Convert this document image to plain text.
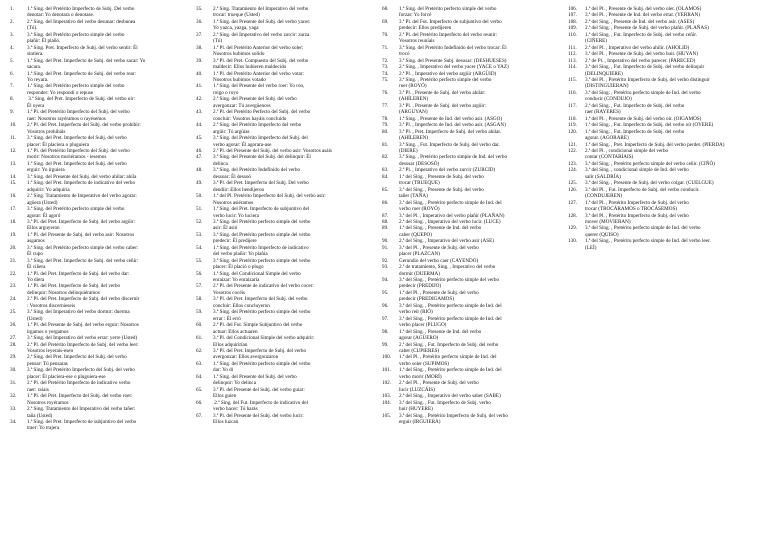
1.	1.ª Sing. del Pretérito Imperfecto de Subj. Del verbo
denotar: Yo denotara o denotase.
2.	2.ª Sing. del Imperativo del verbo desunar: desbunea
(Tú).
3.	3.ª Sing. del Pretérito perfecto simple del verbo
plañir: Él plañó.
4.	3.ª Sing. Pret. Imperfecto de Subj. del verbo sentir: Él
sintiera.
5.	1.ª Sing. del Pret. Imperfecto de Subj. del verbo sacar: Yo
sacara.
6.	1.ª Sing. del Pret. Imperfecto de Subj. del verbo rear:
Yo reyara.
7.	1.ª Sing. del Pretérito perfecto simple del verbo
responder: Yo respondí o repuse
8.	3.ª Sing. del Pret. Imperfecto de Subj. del verbo oír:
Él oyera
9.	1.ª Pl. del Pretérito Imperfecto del Subj. del verbo
raer: Nosotros rayéramos o rayésemos
10.	2.ª Pl. del Pret. Imperfecto del Subj. del verbo prohibir:
Vosotros prohibáis
11.	3.ª Sing. del Pret. Imperfecto del Subj. del verbo
placer: Él placiera o pluguiera
12.	1.ª Pl. del Pretérito Imperfecto del Subj. del verbo
morir: Nosotros muriéramos - iesemos
13.	1.ª Sing. del Pret. Imperfecto del Subj. del verbo
erguir: Yo irguiera
14.	3.ª Sing. del Presente del Subj. del verbo ahilar: ahíla
15.	1.ª Sing. del Pret. Imperfecto de indicativo del verbo
adquirir: Yo adquiría
16.	2.ª Sing. Tratamiento de Imperativo del verbo agorar:
agüera (Usted)
17.	3.ª Sing. del Pretérito perfecto simple del verbo
agorar: Él agoró
18.	3.ª Pl. del Pret. Imperfecto de Subj. del verbo argüir:
Ellos arguyeron
19.	1.ª Pl. del Presente de Subj. del verbo asir: Nosotros
asgamos
20.	3.ª Sing. del Pretérito perfecto simple del verbo caber:
Él cupo
21.	3.ª Sing. del Pret. Imperfecto de Subj. del verbo ceñir:
Él ciñera
22.	1.ª Pl. del Pret. Imperfecto de Subj. del verbo dar:
Yo diera
23.	1.ª Pl. del Pret. Imperfecto de Subj. del verbo
delinquir: Nosotros delinquiéramos
24.	2.ª Pl. del Pret. Imperfecto de Subj. del verbo discernir
: Vosotros discernieseis
25.	3.ª Sing. del Imperativo del verbo dormir: duerma
(Usted)
26.	1.ª Pl. del Presente de Subj. del verbo erguir: Nosotros
irgamos o yergamos
27.	3.ª Sing. del Imperativo del verbo errar: yerre (Usted)
28.	2.ª Pl. del Pretérito Imperfecto de Subj. del verbo leer:
Vosotros leyerais-esen
29.	2.ª Sing. del Pret. Imperfecto del Subj. del verbo
pensar: Tú pensaras
30.	3.ª Sing. del Pretérito Imperfecto del Subj. del verbo
placer: Él placiera-ese o pluguiera-ese
31.	2.ª Pl. del Pretérito Imperfecto de indicativo verbo
raer: raíais
32.	1.ª Pl. del Pret. Imperfecto del Subj. del verbo roer:
Nosotros royéramos
33.	2.ª Sing. Tratamiento del Imperativo del verbo tañer:
taña (Usted)
34.	1.ª Sing. del Pret. Imperfecto de subjuntivo del verbo
traer: Yo trajera
35.	2.ª Sing. Tratamiento del Imperativo del verbo
trocar: trueque (Usted)
36.	1.ª Sing. del Presente del Subj. del verbo yacer:
Yo yazca, yazga, yaga
37.	2.ª Sing. del Imperativo del verbo zurcir: zurza
(Tú)
38.	1.ª Pl. del Pretérito Anterior del verbo soler:
Nosotros hubimos solido
39.	3.ª Pl. del Pret. Compuesto del Subj. del verbo
maldecir: Ellos hubieren maldecido
40.	1.ª Pl. del Pretérito Anterior del verbo votar:
Nosotros hubimos votado
41.	1.ª Sing. del Presente del verbo roer: Yo roo,
roigo o royo
42.	2.ª Sing. del Presente del Subj. del verbo
avergonzar: Tú avergüences
43.	2.ª Pl. del Pretérito Perfecto del Subj. del verbo
concluir: Vosotros hayáis concluido
44.	2.ª Sing. del Pretérito Imperfecto del verbo
argüir: Tú argüías
45.	3.ª Sing. del Pretérito Imperfecto del Subj. del
verbo agorar: Él agorara-ase
46.	2.ª Pl. del Presente del Subj. del verbo asir: Vosotros asáis
47.	3.ª Sing. del Presente del Subj. del delinquir: Él
delinca
48.	3.ª Sing. del Pretérito Indefinido del verbo
dessoar: Él dessoó
49.	3.ª Pl. del Pret. Imperfecto del Subj. Del verbo
dendiir: Ellos hendijeron
50.	1.ª del Pl. Pretérito Imperfecto del Subj. del verbo asir:
Nosotros asiéramos
51.	1.ª Sing. del Pret. Imperfecto de subjuntivo del
verbo lucir: Yo luciera
52.	3.ª Sing. del Pretérito perfecto simple del verbo
asir: Él asió
53.	3.ª Sing. del Pretérito perfecto simple del verbo
predecir: Él predijere
54.	1.ª Sing. del Pretérito Imperfecto de indicativo
del verbo plañir: Yo plañía
55.	3.ª Sing. del Pretérito perfecto simple del verbo
placer: Él plació o plugo
56.	1.ª Sing. del Condicional Simple del verbo
enraizar: Yo enraizaría
57.	2.ª Pl. del Presente de indicativo del verbo cocer:
Vosotros cocéis
58.	3.ª Pl. del Pret. Imperfecto del Subj. del verbo
concluir: Ellos concluyeron
59.	3.ª Sing. del Pretérito perfecto simple del verbo
errar : Él erró
60.	2.ª Pl. del Fut. Simple Subjuntivo del verbo
actuar: Ellos actuaren
61.	3.ª Pl. del Condicional Simple del verbo adquirir:
Ellos adquirirían
62.	3.ª Pl. del Pret. Imperfecto de Subj. del verbo
avergonzar: Ellos avergonzaron
63.	1.ª Sing. del Pretérito perfecto simple del verbo
dar: Yo di
64.	1.ª Sing. del Presente del Subj. del verbo
delinquir: Yo delinca
65.	3.ª Pl. del Presente del Subj. del verbo guiar:
Ellos guíen
66.	2.ª Sing. del Fut. Imperfecto de indicativo del
verbo hacer: Tú harás
67.	3.ª Pl. del Presente del Subj. del verbo lucir:
Ellos luzcan
68.	1.ª Sing. del Pretérito perfecto simple del verbo
forzar: Yo forcé
69.	3.ª Pl. del Fut. Imperfecto de subjuntivo del verbo
predecir: Ellos predijeren
70.	2.ª Pl. del Pretérito Imperfecto del verbo reunir:
Vosotros reuníais
71.	3.ª Sing. del Pretérito Indefinido del verbo trocar: Él
trocó
72.	3.ª Sing. del Presente Subj. desosar: (DESHUESES)
73.	2.ª Sing. , Imperativo del verbo yacer (YACE o YAZ)
74.	2.ª Pl. , Imperativo del verbo argüir (ARGÜID)
75.	3.ª Sing. , Pretérito perfecto simple del verbo
roer (ROYÓ)
76.	3.ª Pl. , Presente de Subj. del verbo ahilar:
(AHÍLEREN)
77.	3.ª Pl. , Presente de Subj. del verbo argüir:
(ARGUYAN)
78.	1.ª Sing. , Presente de Ind. del verbo asir. (ASGO)
79.	3.ª Pl. , Imperfecto de Ind. del verbo asir. (ASGAN)
80.	3.ª Pl. , Pret. Imperfecto de Subj. del verbo ahilar.
(AHÍLEREN)
81.	3.ª Sing. , Fut. Imperfecto de Subj. del verbo dar.
(DIERE)
82.	3.ª Sing. , Pretérito perfecto simple de Ind. del verbo
desosar (DESOSÓ)
83.	2.ª Pl. , Imperativo del verbo zurcir (ZURCID)
84.	1.ª del Sing. , Presente de Subj. del verbo
trocar (TRUEQUE)
85.	3.ª del Sing. , Presente de Subj. del verbo
tañer (TAÑA)
86.	3.ª del Sing. , Pretérito perfecto simple de Ind. del
verbo roer (ROYÓ)
87.	3.ª del Pl. , Imperativo del verbo plañir (PLAÑAN)
88.	2.ª del Sing. , Imperativo del verbo lucir. (LUCE)
89.	1.ª del Sing. , Presente de Ind. del verbo
caber (QUEPO)
90.	2.ª del Sing. , Imperativo del verbo asir (ASE)
91.	3.ª del Pl. , Presente de Subj. del verbo
placer (PLAZCAN)
92.	Gerundio del verbo caer (CAYENDO)
93.	2.ª de tratamiento, Sing. , Imperativo del verbo
dormir (DUERMA)
94.	3.ª del Sing. , Pretérito perfecto simple del verbo
predecir (PREDIJO)
95.	1.ª del Pl. , Presente de Subj. del verbo
predecir (PREDIGAMOS)
96.	3.ª del Sing. , Pretérito perfecto simple de Ind. del
verbo reír (RIÓ)
97.	3.ª del Sing. , Pretérito perfecto simple de Ind. del
verbo placer (PLUGO)
98.	1.ª del Sing. , Presente de Ind. del verbo
agorar (AGÜERO)
99.	2.ª del Sing. , Fut. Imperfecto de Subj. del verbo
caber (CUPIERES)
100.	1.ª del Pl. , Pretérito perfecto simple de Ind. del
verbo soler (SUPIMOS)
101.	1.ª del Sing. , Pretérito perfecto simple de Ind. del
verbo morir (MORÍ)
102.	2.ª del Pl. , Presente de Subj. del verbo
lucir (LUZCÁIS)
103.	2.ª del Sing. , Imperativo del verbo saber (SABE)
104.	3.ª del Sing. , Fut. Imperfecto de Subj. verbo
huir (HUYERE)
105.	3.ª del Sing. , Pretérito Imperfecto de Subj. del verbo
erguir (IRGUIERA)
106.	1.ª del Pl. , Presente de Subj. del verbo oler. (OLAMOS)
107.	3.ª del Pl. , Presente de Ind. del verbo errar. (YERRAN)
108.	2.ª del Sing. , Presente de Ind. del verbo asir. (ASES)
109.	2.ª del Sing. , Presente de Subj. del verbo plañir. (PLAÑAS)
110.	1.ª del Sing. , Fut. Imperfecto de Subj. del verbo ceñir.
(CIÑERE)
111.	2.ª del Pl. , Imperativo del verbo ahilir. (AHOLID)
112.	3.ª del Pl. , Presente de Subj. del verbo huir. (HUYAN)
113.	2.ª de Pl. , Imperativo del verbo parecer. (PARECED)
114.	3.ª del Sing. , Fut. Imperfecto de Subj. del verbo delinquir
(DELINQUIERE)
115.	3.ª del Pl. , Pretérito Imperfecto de Subj. del verbo distinguir
(DISTINGUIERAN)
116.	3.ª del Sing. , Pretérito perfecto simple de Ind. del verbo
conducir (CONDUJO)
117.	2.ª del Sing. , Fut. Imperfecto de Subj. del verbo
raer (RAYERES)
118.	1.ª del Pl. , Presente de Subj. del verbo oír. (OIGAMOS)
119.	1.ª del Sing. , Fut. Imperfecto de Subj. del verbo oír (OYERE)
120.	1.ª del Sing. , Fut. Imperfecto de Subj. del verbo
agorar. (AGORARE)
121.	1.ª del Sing. , Pret. Imperfecto de Subj. del verbo perder. (PIERDA)
122.	2.ª del Pl. , condicional simple del verbo
contar (CONTARÍAIS)
123.	3.ª del Sing. , Pretérito perfecto simple del verbo ceñir. (CIÑÓ)
124.	3.ª del Sing. , condicional simple de Ind. del verbo
salir (SALDRÍA)
125.	3.ª del Sing. , Presente de Subj. del verbo colgar. (CUELGUE)
126.	3.ª del Pl. , Fut. Imperfecto de Subj. del verbo conducir.
(CONDUJEREN)
127.	1.ª del Pl. , Pretérito Imperfecto de Subj. del verbo
trocar (TROCÁRAMOS o TROCÁSEMOS)
128.	3.ª del Pl. , Pretérito Imperfecto de Subj. del verbo
mover (MOVIERAN)
129.	3.ª del Sing. , Pretérito perfecto simple de Ind. del verbo
querer (QUISO)
130.	1.ª del Sing. , Pretérito perfecto simple de Ind. del verbo leer.
(LEÍ)
